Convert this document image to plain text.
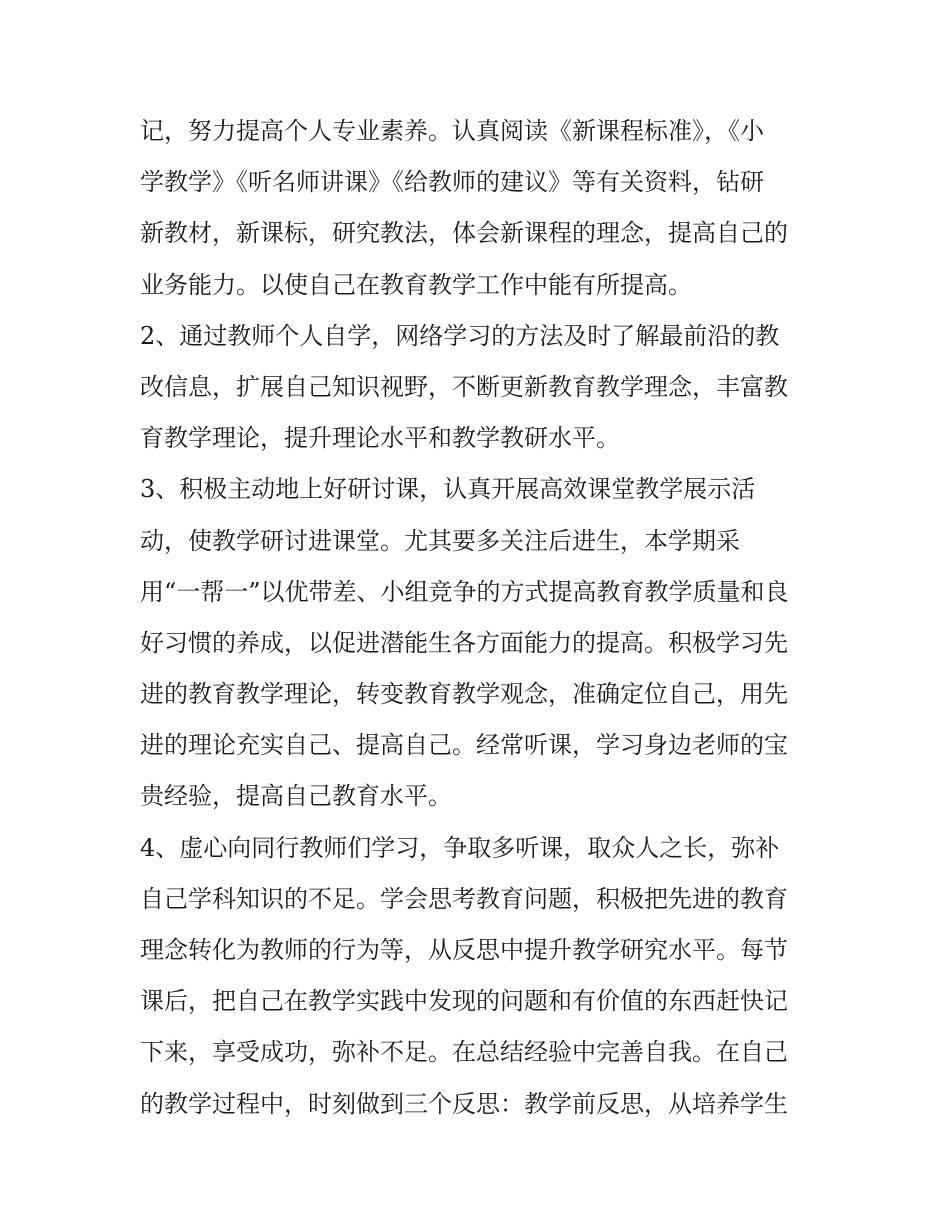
记，努力提高个人专业素养。认真阅读《新课程标准》，《小
学教学》《听名师讲课》《给教师的建议》等有关资料，钻研
新教材，新课标，研究教法，体会新课程的理念，提高自己的
业务能力。以使自己在教育教学工作中能有所提高。
2、通过教师个人自学，网络学习的方法及时了解最前沿的教
改信息，扩展自己知识视野，不断更新教育教学理念，丰富教
育教学理论，提升理论水平和教学教研水平。
3、积极主动地上好研讨课，认真开展高效课堂教学展示活
动，使教学研讨进课堂。尤其要多关注后进生，本学期采
用“一帮一”以优带差、小组竞争的方式提高教育教学质量和良
好习惯的养成，以促进潜能生各方面能力的提高。积极学习先
进的教育教学理论，转变教育教学观念，准确定位自己，用先
进的理论充实自己、提高自己。经常听课，学习身边老师的宝
贵经验，提高自己教育水平。
4、虚心向同行教师们学习，争取多听课，取众人之长，弥补
自己学科知识的不足。学会思考教育问题，积极把先进的教育
理念转化为教师的行为等，从反思中提升教学研究水平。每节
课后，把自己在教学实践中发现的问题和有价值的东西赶快记
下来，享受成功，弥补不足。在总结经验中完善自我。在自己
的教学过程中，时刻做到三个反思：教学前反思，从培养学生
